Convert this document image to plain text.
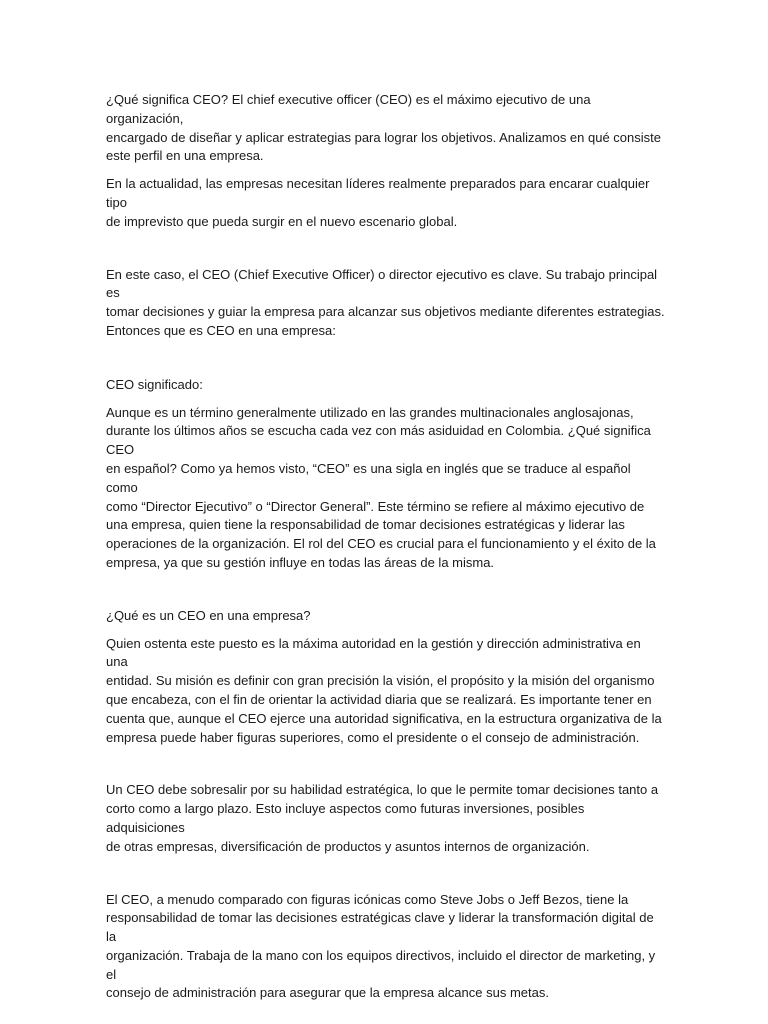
¿Qué significa CEO? El chief executive officer (CEO) es el máximo ejecutivo de una organización,
encargado de diseñar y aplicar estrategias para lograr los objetivos. Analizamos en qué consiste
este perfil en una empresa.

En la actualidad, las empresas necesitan líderes realmente preparados para encarar cualquier tipo
de imprevisto que pueda surgir en el nuevo escenario global.

En este caso, el CEO (Chief Executive Officer) o director ejecutivo es clave. Su trabajo principal es
tomar decisiones y guiar la empresa para alcanzar sus objetivos mediante diferentes estrategias.
Entonces que es CEO en una empresa:

CEO significado:

Aunque es un término generalmente utilizado en las grandes multinacionales anglosajonas,
durante los últimos años se escucha cada vez con más asiduidad en Colombia. ¿Qué significa CEO
en español? Como ya hemos visto, “CEO” es una sigla en inglés que se traduce al español como
como “Director Ejecutivo” o “Director General”. Este término se refiere al máximo ejecutivo de
una empresa, quien tiene la responsabilidad de tomar decisiones estratégicas y liderar las
operaciones de la organización. El rol del CEO es crucial para el funcionamiento y el éxito de la
empresa, ya que su gestión influye en todas las áreas de la misma.

¿Qué es un CEO en una empresa?

Quien ostenta este puesto es la máxima autoridad en la gestión y dirección administrativa en una
entidad. Su misión es definir con gran precisión la visión, el propósito y la misión del organismo
que encabeza, con el fin de orientar la actividad diaria que se realizará. Es importante tener en
cuenta que, aunque el CEO ejerce una autoridad significativa, en la estructura organizativa de la
empresa puede haber figuras superiores, como el presidente o el consejo de administración.

Un CEO debe sobresalir por su habilidad estratégica, lo que le permite tomar decisiones tanto a
corto como a largo plazo. Esto incluye aspectos como futuras inversiones, posibles adquisiciones
de otras empresas, diversificación de productos y asuntos internos de organización.

El CEO, a menudo comparado con figuras icónicas como Steve Jobs o Jeff Bezos, tiene la
responsabilidad de tomar las decisiones estratégicas clave y liderar la transformación digital de la
organización. Trabaja de la mano con los equipos directivos, incluido el director de marketing, y el
consejo de administración para asegurar que la empresa alcance sus metas.
